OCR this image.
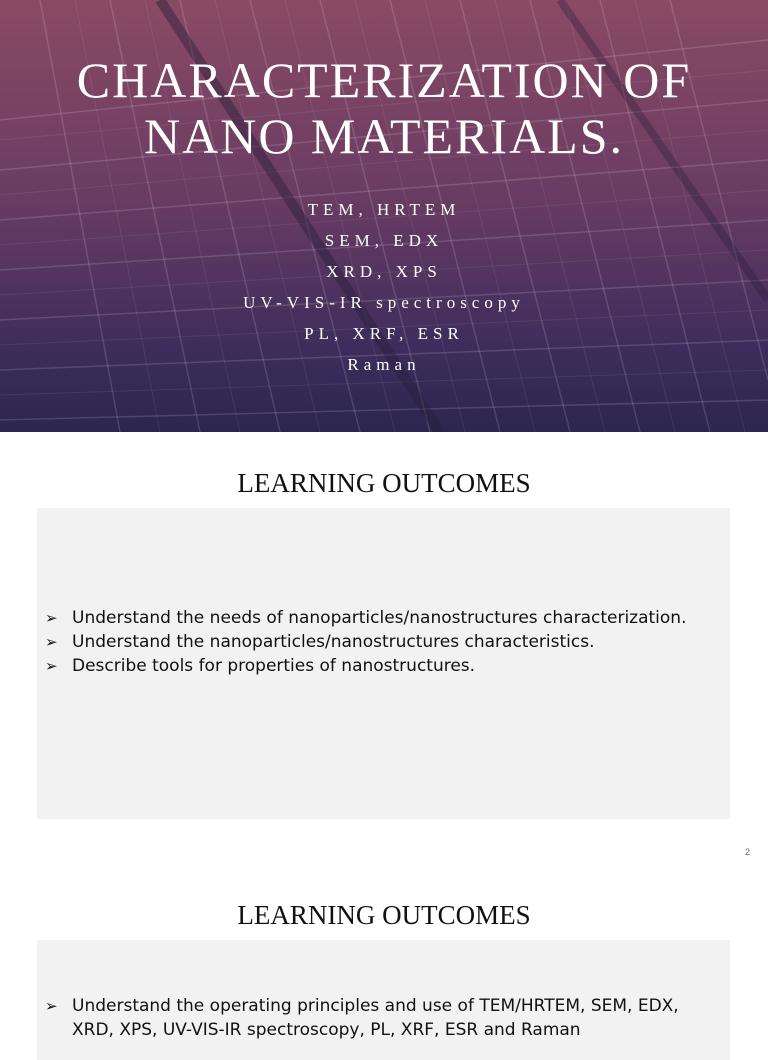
CHARACTERIZATION OF
NANO MATERIALS.
TEM, HRTEM
SEM, EDX
XRD, XPS
UV-VIS-IR spectroscopy
PL, XRF, ESR
Raman
LEARNING OUTCOMES
➢ Understand the needs of nanoparticles/nanostructures characterization.
➢ Understand the nanoparticles/nanostructures characteristics.
➢ Describe tools for properties of nanostructures.
2
LEARNING OUTCOMES
➢ Understand the operating principles and use of TEM/HRTEM, SEM, EDX, XRD, XPS, UV-VIS-IR spectroscopy, PL, XRF, ESR and Raman
